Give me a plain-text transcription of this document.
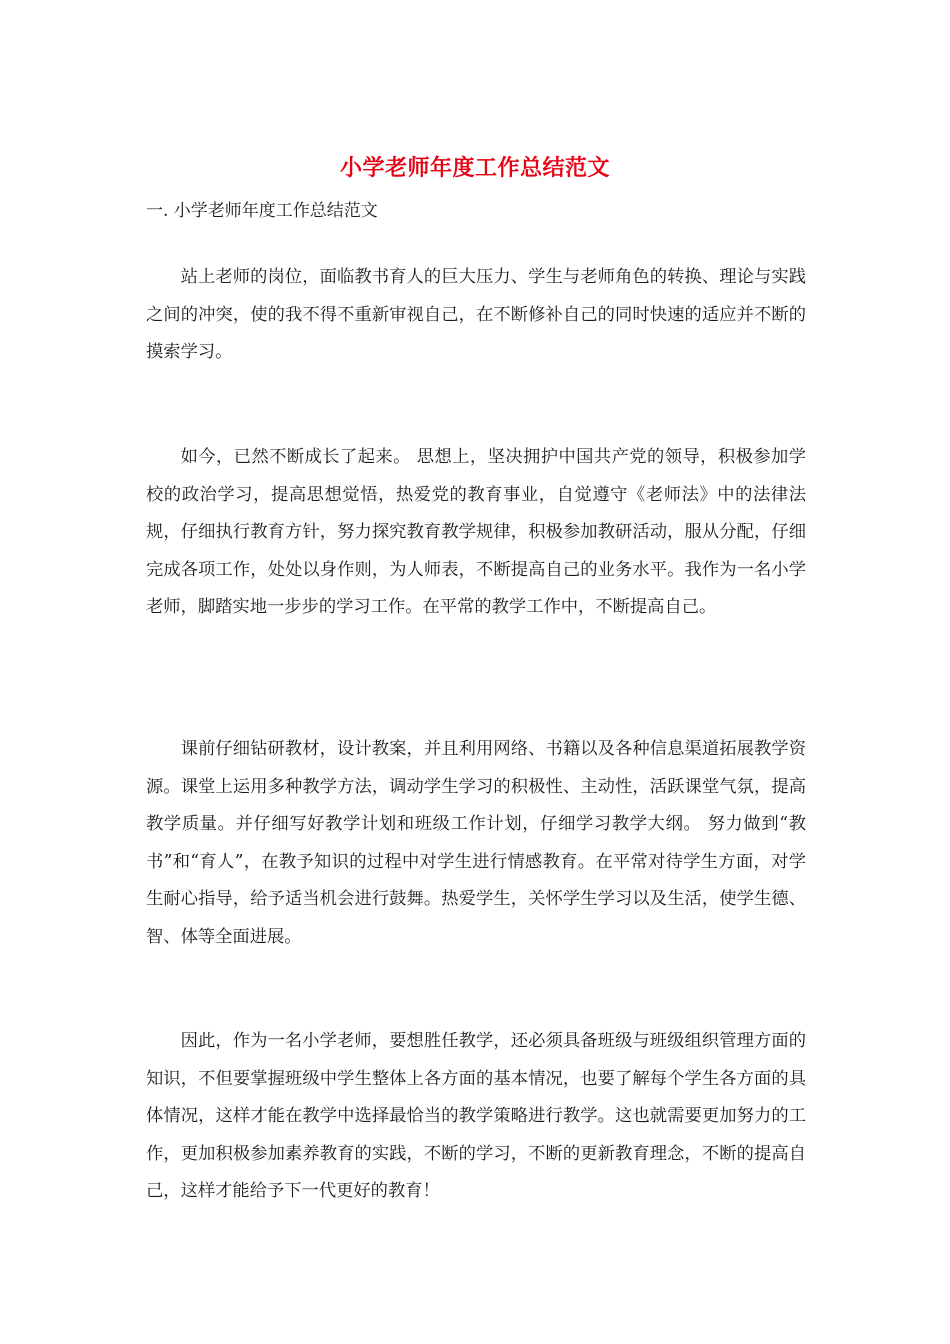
小学老师年度工作总结范文
一. 小学老师年度工作总结范文

站上老师的岗位，面临教书育人的巨大压力、学生与老师角色的转换、理论与实践之间的冲突，使的我不得不重新审视自己，在不断修补自己的同时快速的适应并不断的摸索学习。

如今，已然不断成长了起来。 思想上，坚决拥护中国共产党的领导，积极参加学校的政治学习，提高思想觉悟，热爱党的教育事业，自觉遵守《老师法》中的法律法规，仔细执行教育方针，努力探究教育教学规律，积极参加教研活动，服从分配，仔细完成各项工作，处处以身作则，为人师表，不断提高自己的业务水平。我作为一名小学老师，脚踏实地一步步的学习工作。在平常的教学工作中，不断提高自己。

课前仔细钻研教材，设计教案，并且利用网络、书籍以及各种信息渠道拓展教学资源。课堂上运用多种教学方法，调动学生学习的积极性、主动性，活跃课堂气氛，提高教学质量。并仔细写好教学计划和班级工作计划，仔细学习教学大纲。 努力做到“教书”和“育人”，在教予知识的过程中对学生进行情感教育。在平常对待学生方面，对学生耐心指导，给予适当机会进行鼓舞。热爱学生，关怀学生学习以及生活，使学生德、智、体等全面进展。

因此，作为一名小学老师，要想胜任教学，还必须具备班级与班级组织管理方面的知识，不但要掌握班级中学生整体上各方面的基本情况，也要了解每个学生各方面的具体情况，这样才能在教学中选择最恰当的教学策略进行教学。这也就需要更加努力的工作，更加积极参加素养教育的实践，不断的学习，不断的更新教育理念，不断的提高自己，这样才能给予下一代更好的教育！
